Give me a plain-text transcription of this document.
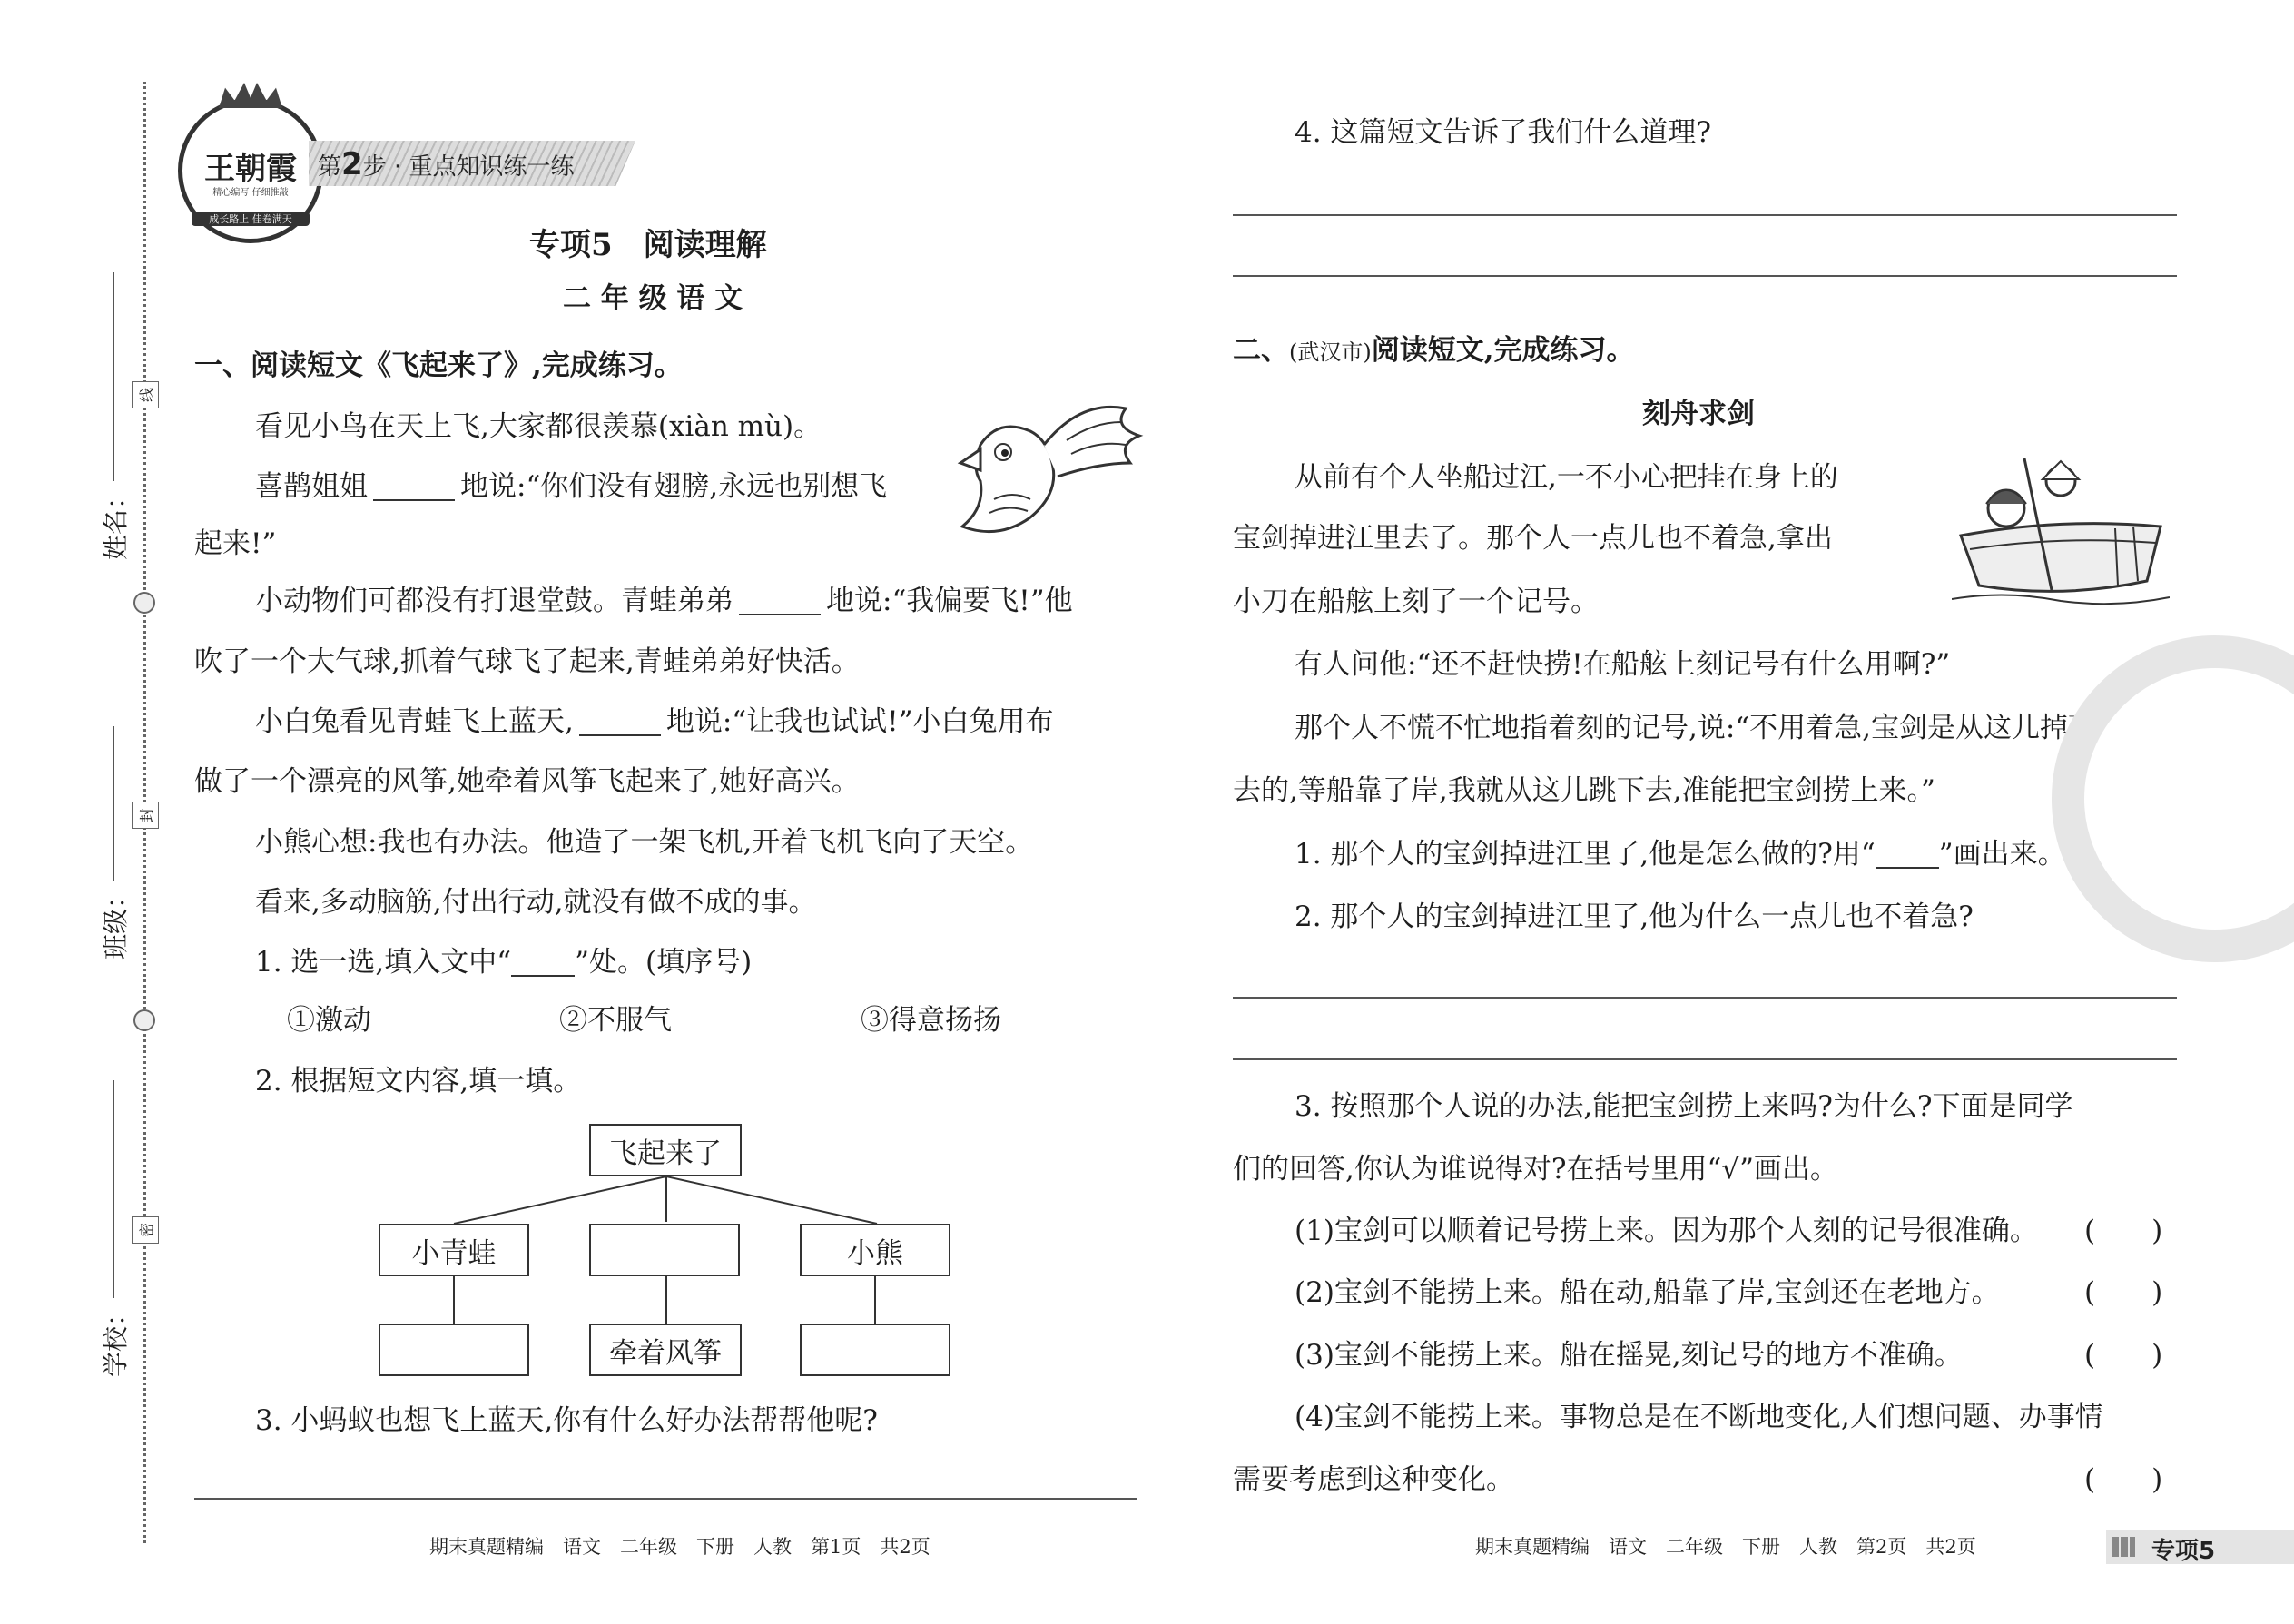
姓名：
班级：
学校：
线
封
密
王朝霞
精心编写 仔细推敲
成长路上 佳卷满天
第2步 · 重点知识练一练
专项5　阅读理解
二 年 级 语 文
一、阅读短文《飞起来了》,完成练习。
看见小鸟在天上飞,大家都很羡慕(xiàn mù)。
喜鹊姐姐	地说:“你们没有翅膀,永远也别想飞
起来!”
小动物们可都没有打退堂鼓。青蛙弟弟	地说:“我偏要飞!”他
吹了一个大气球,抓着气球飞了起来,青蛙弟弟好快活。
小白兔看见青蛙飞上蓝天,	地说:“让我也试试!”小白兔用布
做了一个漂亮的风筝,她牵着风筝飞起来了,她好高兴。
小熊心想:我也有办法。他造了一架飞机,开着飞机飞向了天空。
看来,多动脑筋,付出行动,就没有做不成的事。
1. 选一选,填入文中“ ”处。(填序号)
①激动	②不服气	③得意扬扬
2. 根据短文内容,填一填。
飞起来了
小青蛙	小熊
牵着风筝
3. 小蚂蚁也想飞上蓝天,你有什么好办法帮帮他呢?
期末真题精编　语文　二年级　下册　人教　第1页　共2页
4. 这篇短文告诉了我们什么道理?
二、(武汉市)阅读短文,完成练习。
刻舟求剑
从前有个人坐船过江,一不小心把挂在身上的
宝剑掉进江里去了。那个人一点儿也不着急,拿出
小刀在船舷上刻了一个记号。
有人问他:“还不赶快捞!在船舷上刻记号有什么用啊?”
那个人不慌不忙地指着刻的记号,说:“不用着急,宝剑是从这儿掉下
去的,等船靠了岸,我就从这儿跳下去,准能把宝剑捞上来。”
1. 那个人的宝剑掉进江里了,他是怎么做的?用“ ”画出来。
2. 那个人的宝剑掉进江里了,他为什么一点儿也不着急?
3. 按照那个人说的办法,能把宝剑捞上来吗?为什么?下面是同学
们的回答,你认为谁说得对?在括号里用“√”画出。
(1)宝剑可以顺着记号捞上来。因为那个人刻的记号很准确。 (　　)
(2)宝剑不能捞上来。船在动,船靠了岸,宝剑还在老地方。	(　　)
(3)宝剑不能捞上来。船在摇晃,刻记号的地方不准确。	(　　)
(4)宝剑不能捞上来。事物总是在不断地变化,人们想问题、办事情
需要考虑到这种变化。	(　　)
期末真题精编　语文　二年级　下册　人教　第2页　共2页	专项5
